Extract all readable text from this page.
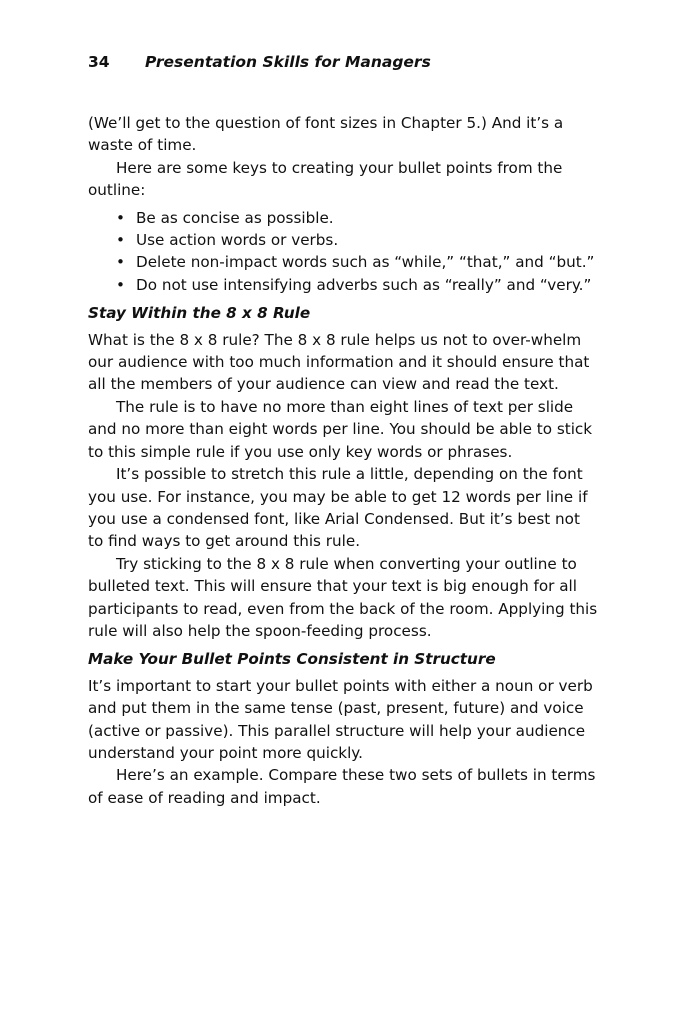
34 Presentation Skills for Managers

(We’ll get to the question of font sizes in Chapter 5.) And it’s a waste of time.

Here are some keys to creating your bullet points from the outline:

• Be as concise as possible.
• Use action words or verbs.
• Delete non-impact words such as “while,” “that,” and “but.”
• Do not use intensifying adverbs such as “really” and “very.”
Stay Within the 8 x 8 Rule

What is the 8 x 8 rule? The 8 x 8 rule helps us not to over-whelm our audience with too much information and it should ensure that all the members of your audience can view and read the text.

The rule is to have no more than eight lines of text per slide and no more than eight words per line. You should be able to stick to this simple rule if you use only key words or phrases.

It’s possible to stretch this rule a little, depending on the font you use. For instance, you may be able to get 12 words per line if you use a condensed font, like Arial Condensed. But it’s best not to find ways to get around this rule.

Try sticking to the 8 x 8 rule when converting your outline to bulleted text. This will ensure that your text is big enough for all participants to read, even from the back of the room. Applying this rule will also help the spoon-feeding process.

Make Your Bullet Points Consistent in Structure

It’s important to start your bullet points with either a noun or verb and put them in the same tense (past, present, future) and voice (active or passive). This parallel structure will help your audience understand your point more quickly.

Here’s an example. Compare these two sets of bullets in terms of ease of reading and impact.
